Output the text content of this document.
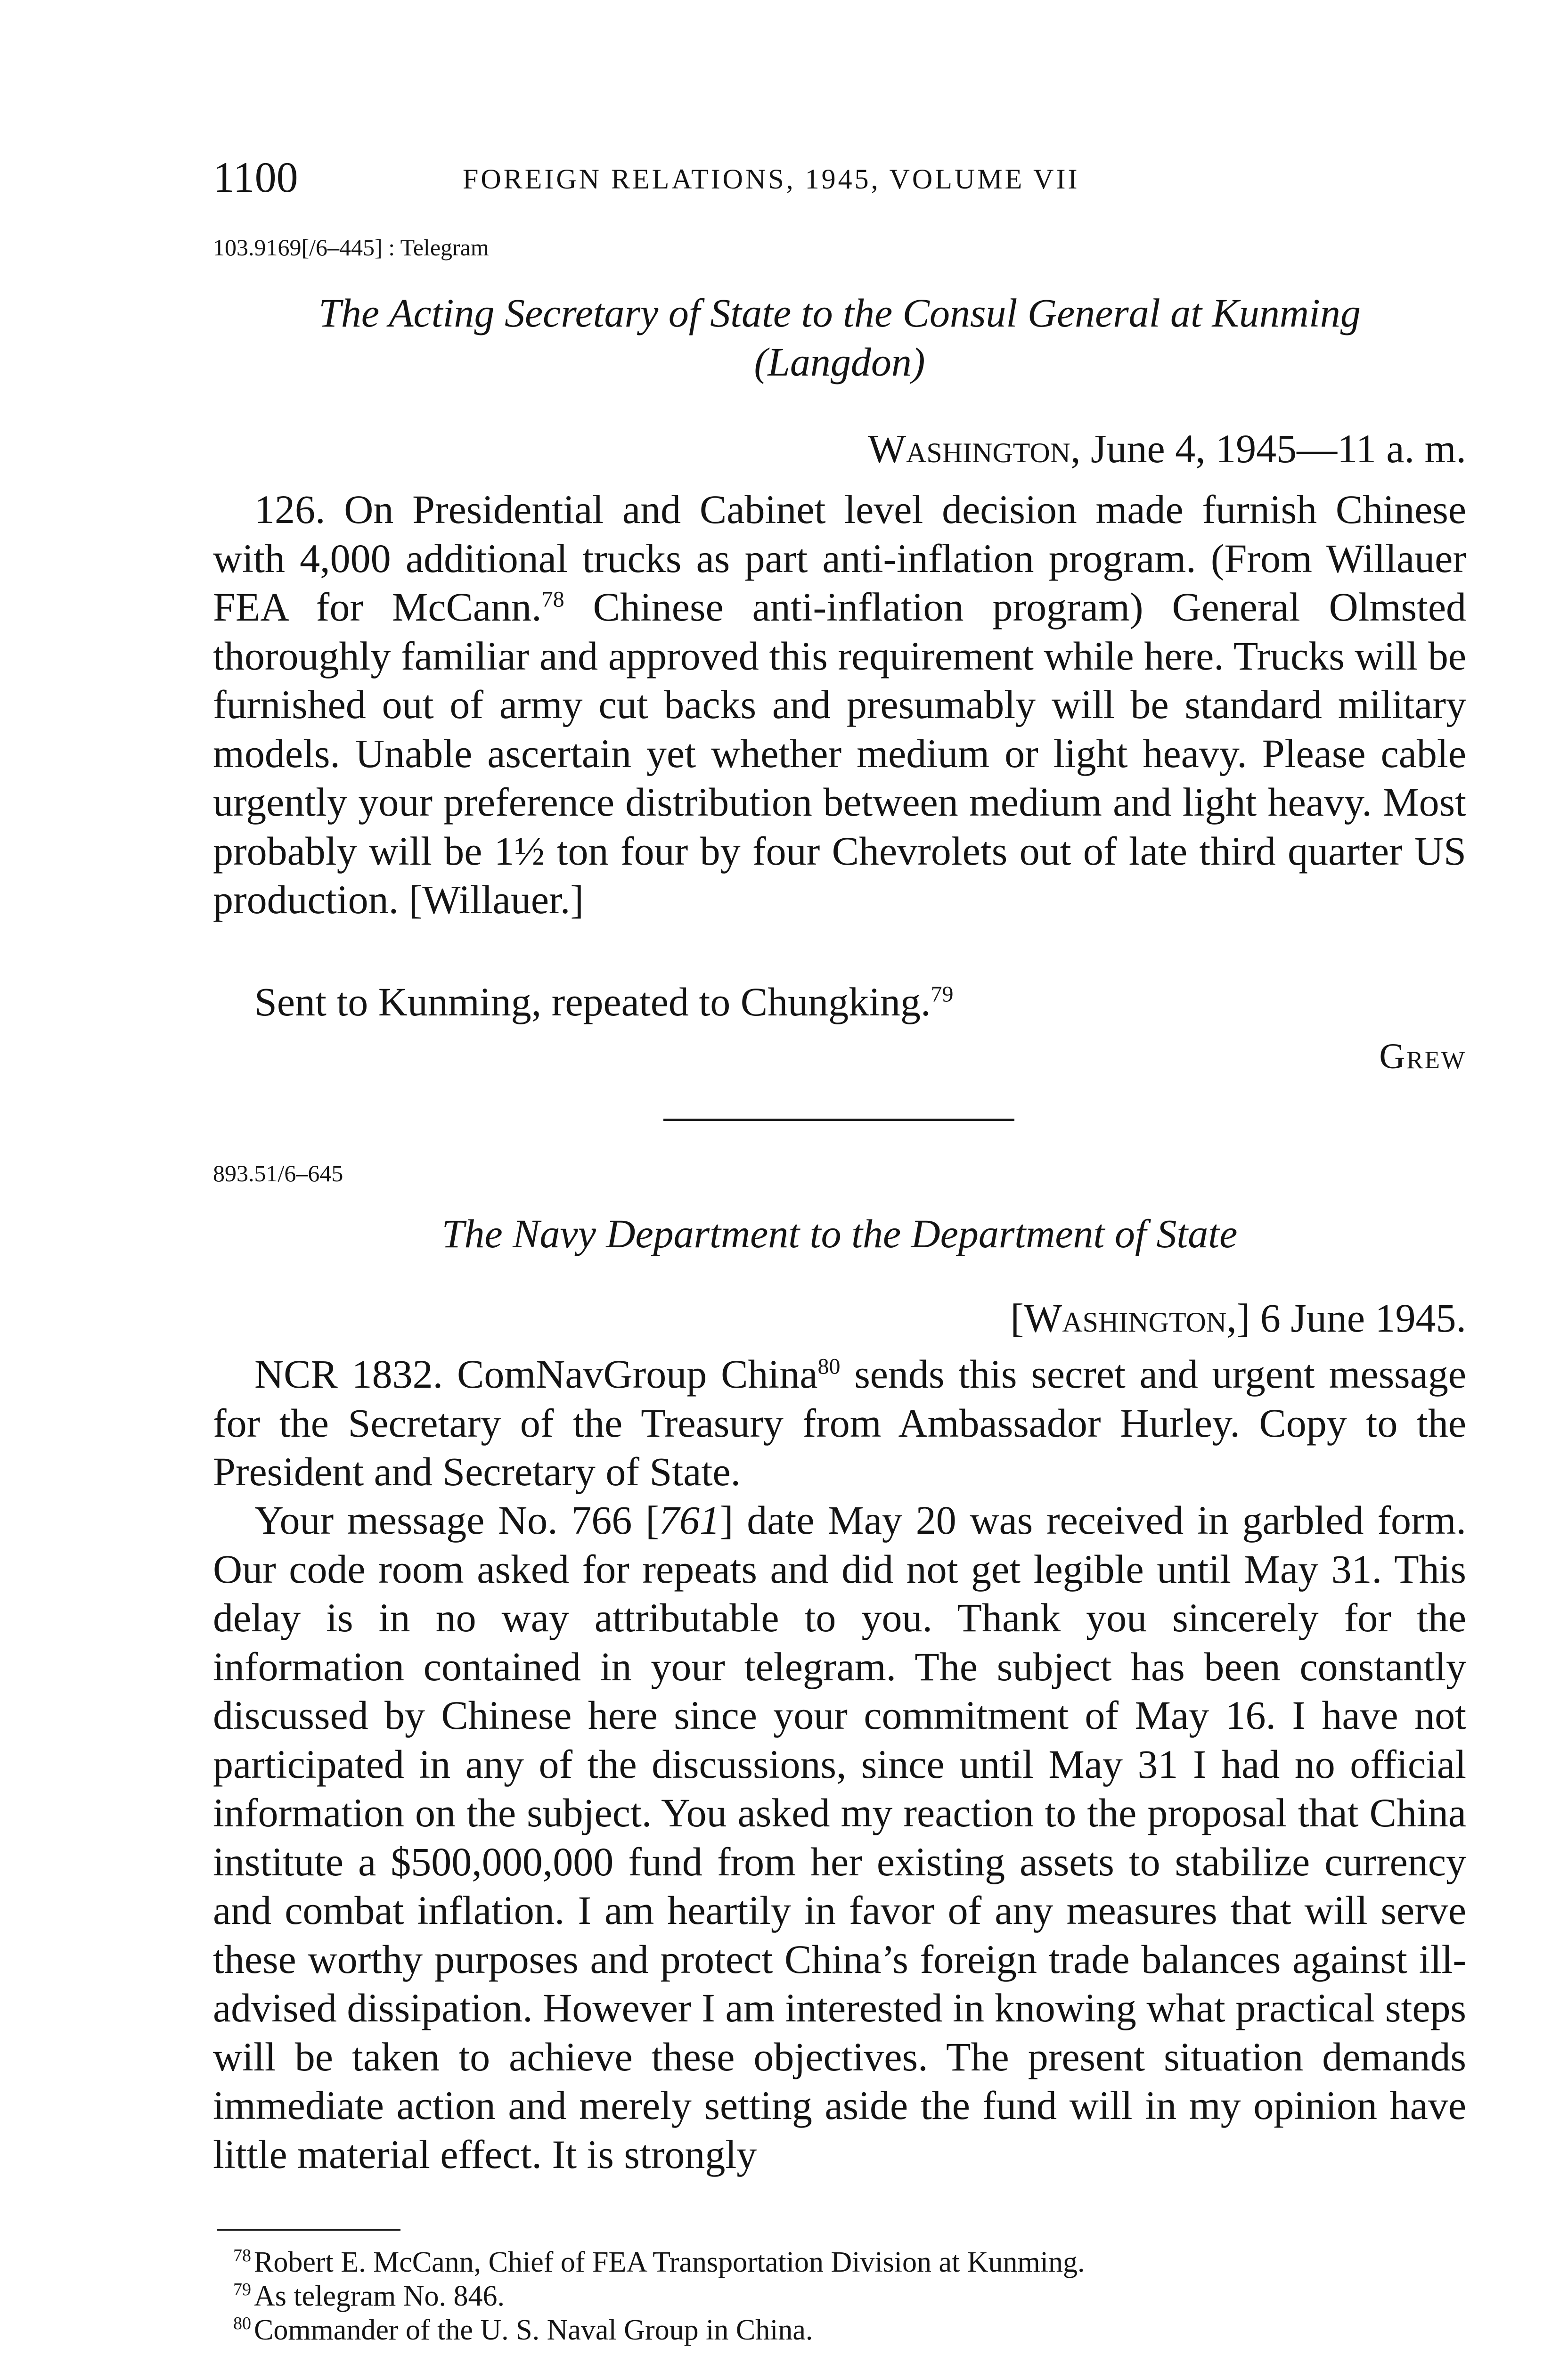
1100	FOREIGN RELATIONS, 1945, VOLUME VII
103.9169[/6–445] : Telegram
The Acting Secretary of State to the Consul General at Kunming
(Langdon)
Washington, June 4, 1945—11 a. m.

126. On Presidential and Cabinet level decision made furnish Chinese with 4,000 additional trucks as part anti-inflation program. (From Willauer FEA for McCann.$^{78}$ Chinese anti-inflation program) General Olmsted thoroughly familiar and approved this requirement while here. Trucks will be furnished out of army cut backs and presumably will be standard military models. Unable ascertain yet whether medium or light heavy. Please cable urgently your preference distribution between medium and light heavy. Most probably will be 1½ ton four by four Chevrolets out of late third quarter US production. [Willauer.]

Sent to Kunming, repeated to Chungking.$^{79}$

Grew
893.51/6–645
The Navy Department to the Department of State
[Washington,] 6 June 1945.

NCR 1832. ComNavGroup China$^{80}$ sends this secret and urgent message for the Secretary of the Treasury from Ambassador Hurley. Copy to the President and Secretary of State.

Your message No. 766 [761] date May 20 was received in garbled form. Our code room asked for repeats and did not get legible until May 31. This delay is in no way attributable to you. Thank you sincerely for the information contained in your telegram. The subject has been constantly discussed by Chinese here since your commitment of May 16. I have not participated in any of the discussions, since until May 31 I had no official information on the subject. You asked my reaction to the proposal that China institute a $500,000,000 fund from her existing assets to stabilize currency and combat inflation. I am heartily in favor of any measures that will serve these worthy purposes and protect China’s foreign trade balances against ill-advised dissipation. However I am interested in knowing what practical steps will be taken to achieve these objectives. The present situation demands immediate action and merely setting aside the fund will in my opinion have little material effect. It is strongly

$^{78}$Robert E. McCann, Chief of FEA Transportation Division at Kunming.
$^{79}$As telegram No. 846.
$^{80}$Commander of the U. S. Naval Group in China.
